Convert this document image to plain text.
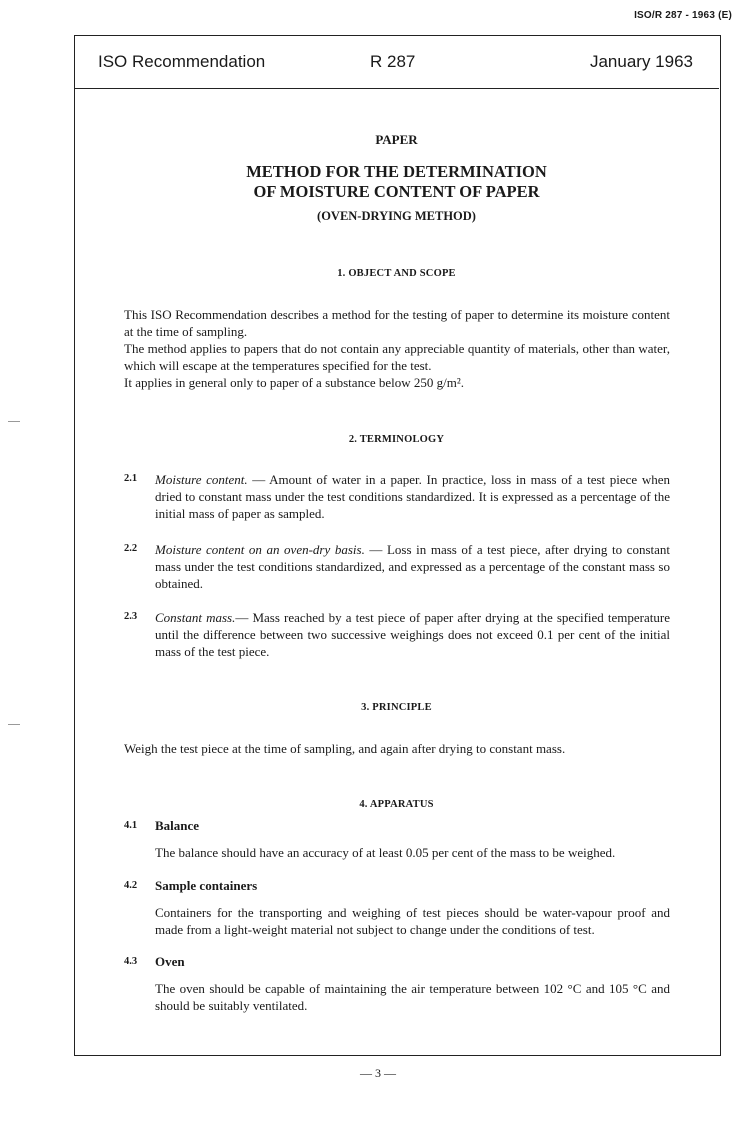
ISO/R 287 - 1963 (E)
ISO Recommendation	R 287	January 1963
PAPER
METHOD FOR THE DETERMINATION
OF MOISTURE CONTENT OF PAPER
(OVEN-DRYING METHOD)
1. OBJECT AND SCOPE
This ISO Recommendation describes a method for the testing of paper to determine its moisture content at the time of sampling.
The method applies to papers that do not contain any appreciable quantity of materials, other than water, which will escape at the temperatures specified for the test.
It applies in general only to paper of a substance below 250 g/m².
2. TERMINOLOGY
2.1 Moisture content. — Amount of water in a paper. In practice, loss in mass of a test piece when dried to constant mass under the test conditions standardized. It is expressed as a percentage of the initial mass of paper as sampled.
2.2 Moisture content on an oven-dry basis. — Loss in mass of a test piece, after drying to constant mass under the test conditions standardized, and expressed as a percentage of the constant mass so obtained.
2.3 Constant mass.— Mass reached by a test piece of paper after drying at the specified temperature until the difference between two successive weighings does not exceed 0.1 per cent of the initial mass of the test piece.
3. PRINCIPLE
Weigh the test piece at the time of sampling, and again after drying to constant mass.
4. APPARATUS
4.1 Balance
The balance should have an accuracy of at least 0.05 per cent of the mass to be weighed.
4.2 Sample containers
Containers for the transporting and weighing of test pieces should be water-vapour proof and made from a light-weight material not subject to change under the conditions of test.
4.3 Oven
The oven should be capable of maintaining the air temperature between 102 °C and 105 °C and should be suitably ventilated.
— 3 —
